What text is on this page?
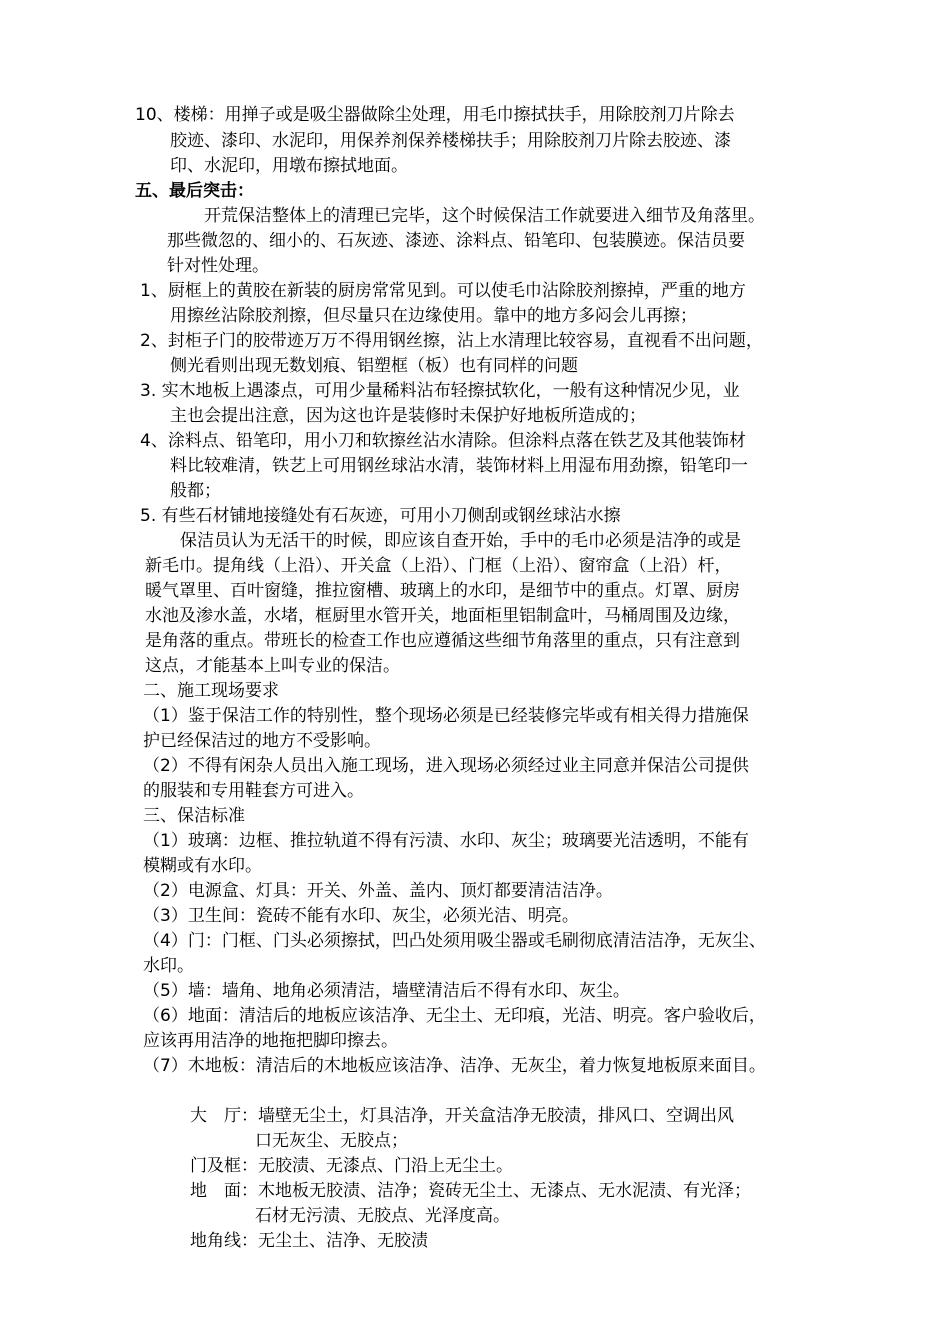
10、楼梯：用掸子或是吸尘器做除尘处理，用毛巾擦拭扶手，用除胶剂刀片除去
胶迹、漆印、水泥印，用保养剂保养楼梯扶手；用除胶剂刀片除去胶迹、漆
印、水泥印，用墩布擦拭地面。
五、最后突击：
开荒保洁整体上的清理已完毕，这个时候保洁工作就要进入细节及角落里。
那些微忽的、细小的、石灰迹、漆迹、涂料点、铅笔印、包装膜迹。保洁员要
针对性处理。
1、厨框上的黄胶在新装的厨房常常见到。可以使毛巾沾除胶剂擦掉，严重的地方
用擦丝沾除胶剂擦，但尽量只在边缘使用。靠中的地方多闷会儿再擦；
2、封柜子门的胶带迹万万不得用钢丝擦，沾上水清理比较容易，直视看不出问题，
侧光看则出现无数划痕、铝塑框（板）也有同样的问题
3. 实木地板上遇漆点，可用少量稀料沾布轻擦拭软化，一般有这种情况少见，业
主也会提出注意，因为这也许是装修时未保护好地板所造成的；
4、涂料点、铅笔印，用小刀和软擦丝沾水清除。但涂料点落在铁艺及其他装饰材
料比较难清，铁艺上可用钢丝球沾水清，装饰材料上用湿布用劲擦，铅笔印一
般都；
5. 有些石材铺地接缝处有石灰迹，可用小刀侧刮或钢丝球沾水擦
保洁员认为无活干的时候，即应该自查开始，手中的毛巾必须是洁净的或是
新毛巾。提角线（上沿）、开关盒（上沿）、门框（上沿）、窗帘盒（上沿）杆，
暖气罩里、百叶窗缝，推拉窗槽、玻璃上的水印，是细节中的重点。灯罩、厨房
水池及渗水盖，水堵，框厨里水管开关，地面柜里铝制盒叶，马桶周围及边缘，
是角落的重点。带班长的检查工作也应遵循这些细节角落里的重点，只有注意到
这点，才能基本上叫专业的保洁。
二、施工现场要求
（1）鉴于保洁工作的特别性，整个现场必须是已经装修完毕或有相关得力措施保
护已经保洁过的地方不受影响。
（2）不得有闲杂人员出入施工现场，进入现场必须经过业主同意并保洁公司提供
的服装和专用鞋套方可进入。
三、保洁标准
（1）玻璃：边框、推拉轨道不得有污渍、水印、灰尘；玻璃要光洁透明，不能有
模糊或有水印。
（2）电源盒、灯具：开关、外盖、盖内、顶灯都要清洁洁净。
（3）卫生间：瓷砖不能有水印、灰尘，必须光洁、明亮。
（4）门：门框、门头必须擦拭，凹凸处须用吸尘器或毛刷彻底清洁洁净，无灰尘、
水印。
（5）墙：墙角、地角必须清洁，墙壁清洁后不得有水印、灰尘。
（6）地面：清洁后的地板应该洁净、无尘土、无印痕，光洁、明亮。客户验收后，
应该再用洁净的地拖把脚印擦去。
（7）木地板：清洁后的木地板应该洁净、洁净、无灰尘，着力恢复地板原来面目。
大　厅：墙壁无尘土，灯具洁净，开关盒洁净无胶渍，排风口、空调出风
口无灰尘、无胶点；
门及框：无胶渍、无漆点、门沿上无尘土。
地　面：木地板无胶渍、洁净；瓷砖无尘土、无漆点、无水泥渍、有光泽；
石材无污渍、无胶点、光泽度高。
地角线：无尘土、洁净、无胶渍
